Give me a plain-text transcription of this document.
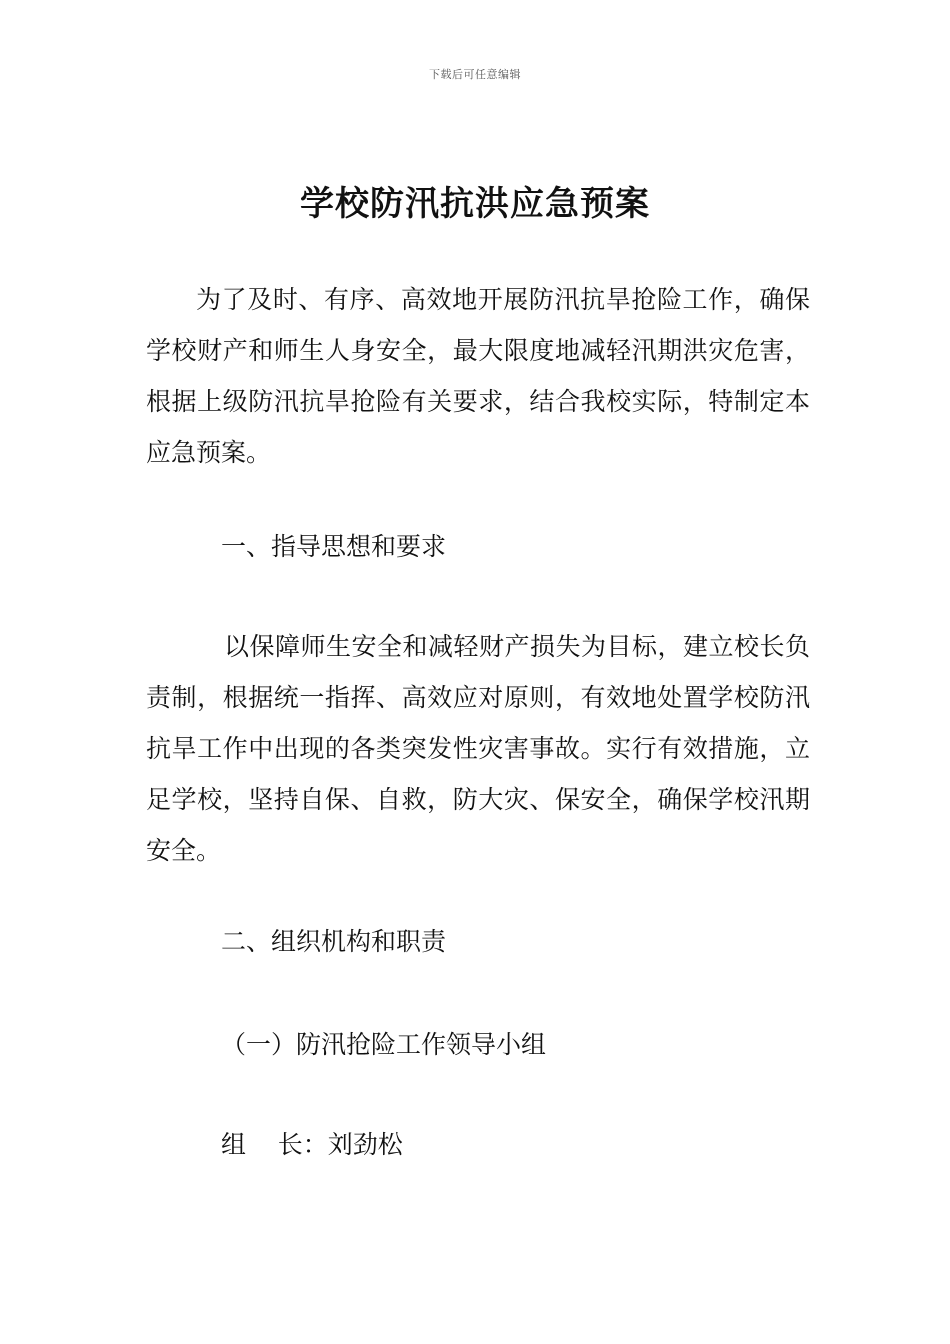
下载后可任意编辑
学校防汛抗洪应急预案

为了及时、有序、高效地开展防汛抗旱抢险工作，确保学校财产和师生人身安全，最大限度地减轻汛期洪灾危害，根据上级防汛抗旱抢险有关要求，结合我校实际，特制定本应急预案。

一、指导思想和要求

以保障师生安全和减轻财产损失为目标，建立校长负责制，根据统一指挥、高效应对原则，有效地处置学校防汛抗旱工作中出现的各类突发性灾害事故。实行有效措施，立足学校，坚持自保、自救，防大灾、保安全，确保学校汛期安全。

二、组织机构和职责
（一）防汛抢险工作领导小组

组    长：刘劲松
